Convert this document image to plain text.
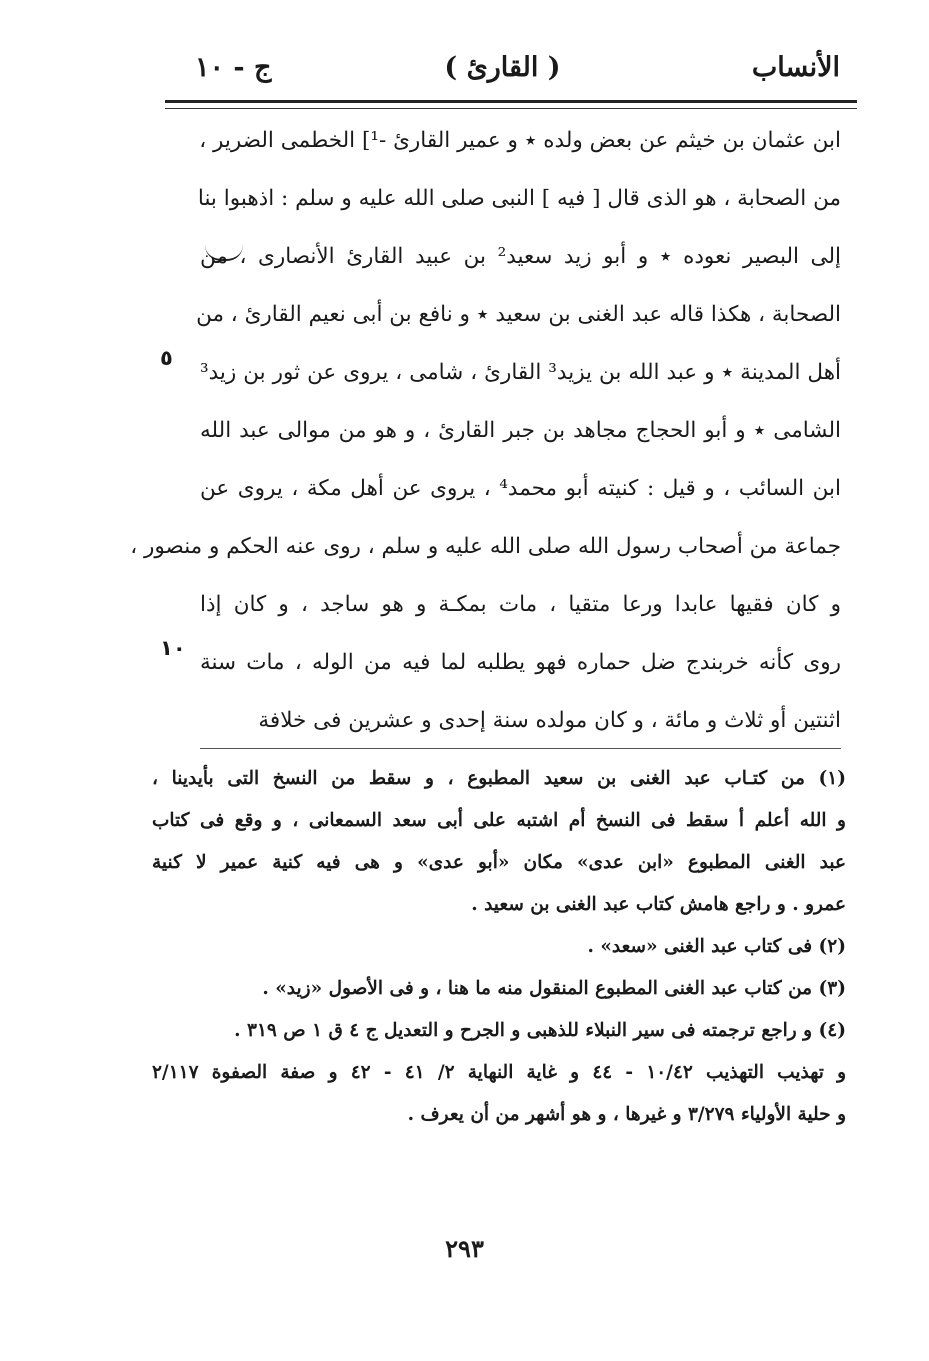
الأنساب
( القارئ )
ج - ١٠
ابن عثمان بن خيثم عن بعض ولده ٭ و عمير القارئ -¹] الخطمى الضرير ،
من الصحابة ، هو الذى قال [ فيه ] النبى صلى الله عليه و سلم : اذهبوا بنا
إلى البصير نعوده ٭ و أبو زيد سعيد² بن عبيد القارئ الأنصارى ، من
الصحابة ، هكذا قاله عبد الغنى بن سعيد ٭ و نافع بن أبى نعيم القارئ ، من
أهل المدينة ٭ و عبد الله بن يزيد³ القارئ ، شامى ، يروى عن ثور بن زيد³
الشامى ٭ و أبو الحجاج مجاهد بن جبر القارئ ، و هو من موالى عبد الله
ابن السائب ، و قيل : كنيته أبو محمد⁴ ، يروى عن أهل مكة ، يروى عن
جماعة من أصحاب رسول الله صلى الله عليه و سلم ، روى عنه الحكم و منصور ،
و كان فقيها عابدا ورعا متقيا ، مات بمكـة و هو ساجد ، و كان إذا
روى كأنه خربندج ضل حماره فهو يطلبه لما فيه من الوله ، مات سنة
اثنتين أو ثلاث و مائة ، و كان مولده سنة إحدى و عشرين فى خلافة
٥
١٠
(١) من كتـاب عبد الغنى بن سعيد المطبوع ، و سقط من النسخ التى بأيدينا ،
و الله أعلم أ سقط فى النسخ أم اشتبه على أبى سعد السمعانى ، و وقع فى كتاب
عبد الغنى المطبوع «ابن عدى» مكان «أبو عدى» و هى فيه كنية عمير لا كنية
عمرو . و راجع هامش كتاب عبد الغنى بن سعيد .
(٢) فى كتاب عبد الغنى «سعد» .
(٣) من كتاب عبد الغنى المطبوع المنقول منه ما هنا ، و فى الأصول «زيد» .
(٤) و راجع ترجمته فى سير النبلاء للذهبى و الجرح و التعديل ج ٤ ق ١ ص ٣١٩ .
و تهذيب التهذيب ١٠/٤٢ - ٤٤ و غاية النهاية ٢/ ٤١ - ٤٢ و صفة الصفوة ٢/١١٧
و حلية الأولياء ٣/٢٧٩ و غيرها ، و هو أشهر من أن يعرف .
٢٩٣
